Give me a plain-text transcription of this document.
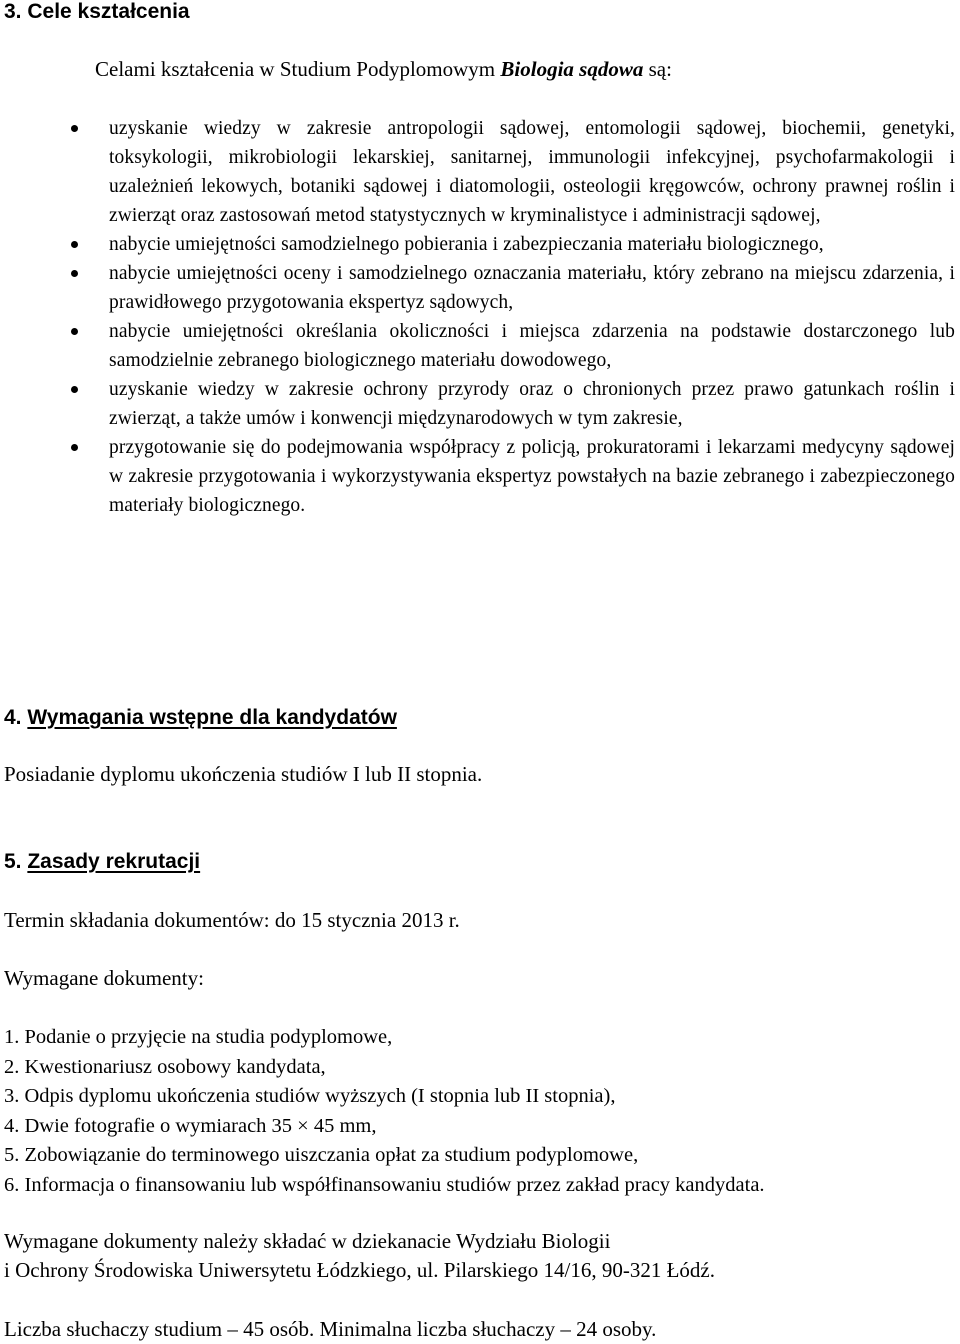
3. Cele kształcenia
Celami kształcenia w Studium Podyplomowym Biologia sądowa są:
uzyskanie wiedzy w zakresie antropologii sądowej, entomologii sądowej, biochemii, genetyki, toksykologii, mikrobiologii lekarskiej, sanitarnej, immunologii infekcyjnej, psychofarmakologii i uzależnień lekowych, botaniki sądowej i diatomologii, osteologii kręgowców, ochrony prawnej roślin i zwierząt oraz zastosowań metod statystycznych w kryminalistyce i administracji sądowej,
nabycie umiejętności samodzielnego pobierania i zabezpieczania materiału biologicznego,
nabycie umiejętności oceny i samodzielnego oznaczania materiału, który zebrano na miejscu zdarzenia, i prawidłowego przygotowania ekspertyz sądowych,
nabycie umiejętności określania okoliczności i miejsca zdarzenia na podstawie dostarczonego lub samodzielnie zebranego biologicznego materiału dowodowego,
uzyskanie wiedzy w zakresie ochrony przyrody oraz o chronionych przez prawo gatunkach roślin i zwierząt, a także umów i konwencji międzynarodowych w tym zakresie,
przygotowanie się do podejmowania współpracy z policją, prokuratorami i lekarzami medycyny sądowej w zakresie przygotowania i wykorzystywania ekspertyz powstałych na bazie zebranego i zabezpieczonego materiały biologicznego.
4. Wymagania wstępne dla kandydatów
Posiadanie dyplomu ukończenia studiów I lub II stopnia.
5. Zasady rekrutacji
Termin składania dokumentów: do 15 stycznia 2013 r.
Wymagane dokumenty:
1. Podanie o przyjęcie na studia podyplomowe,
2. Kwestionariusz osobowy kandydata,
3. Odpis dyplomu ukończenia studiów wyższych (I stopnia lub II stopnia),
4. Dwie fotografie o wymiarach 35 × 45 mm,
5. Zobowiązanie do terminowego uiszczania opłat za studium podyplomowe,
6. Informacja o finansowaniu lub współfinansowaniu studiów przez zakład pracy kandydata.
Wymagane dokumenty należy składać w dziekanacie Wydziału Biologii
i Ochrony Środowiska Uniwersytetu Łódzkiego, ul. Pilarskiego 14/16, 90-321 Łódź.
Liczba słuchaczy studium – 45 osób. Minimalna liczba słuchaczy – 24 osoby.
